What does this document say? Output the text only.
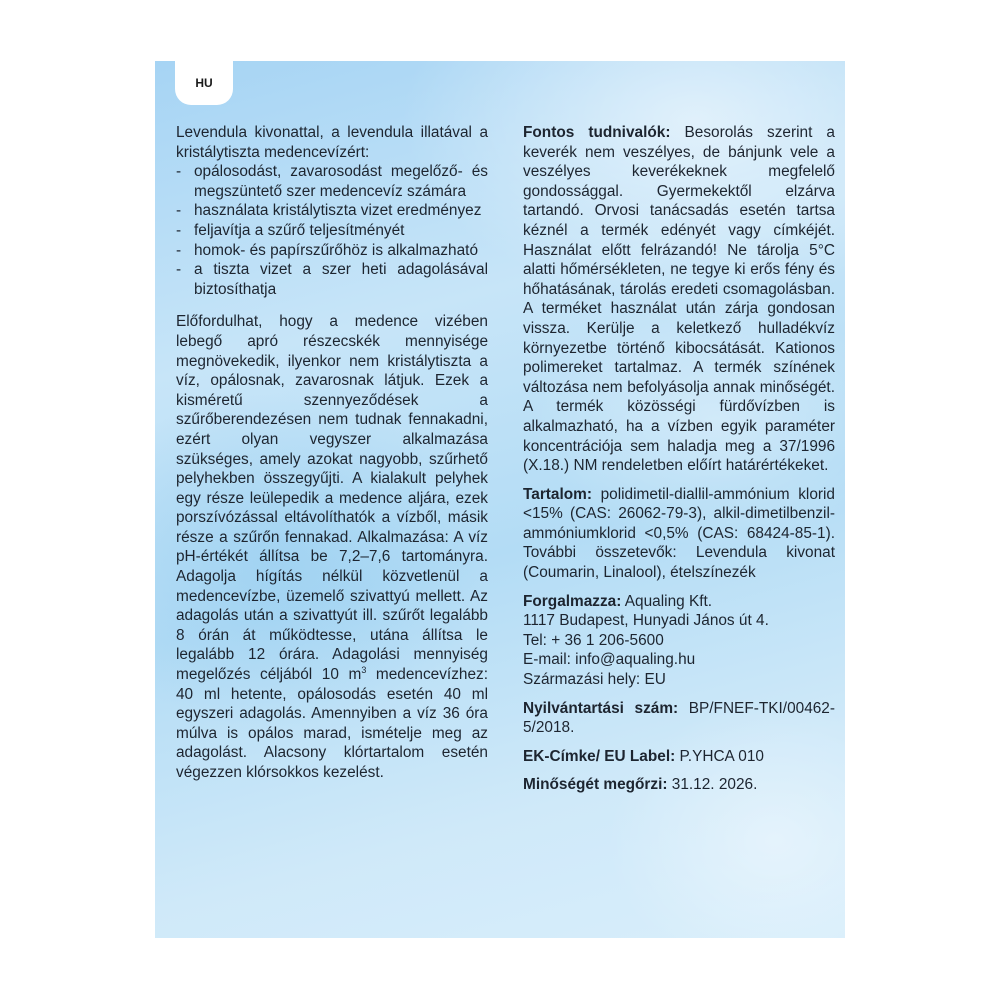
HU

Levendula kivonattal, a levendula illatával a kristálytiszta medencevízért:

- opálosodást, zavarosodást megelőző- és megszüntető szer medencevíz számára
- használata kristálytiszta vizet eredményez
- feljavítja a szűrő teljesítményét
- homok- és papírszűrőhöz is alkalmazható
- a tiszta vizet a szer heti adagolásával biztosíthatja

Előfordulhat, hogy a medence vizében lebegő apró részecskék mennyisége megnövekedik, ilyenkor nem kristálytiszta a víz, opálosnak, zavarosnak látjuk. Ezek a kisméretű szennyeződések a szűrőberendezésen nem tudnak fennakadni, ezért olyan vegyszer alkalmazása szükséges, amely azokat nagyobb, szűrhető pelyhekben összegyűjti. A kialakult pelyhek egy része leülepedik a medence aljára, ezek porszívózással eltávolíthatók a vízből, másik része a szűrőn fennakad. Alkalmazása: A víz pH-értékét állítsa be 7,2–7,6 tartományra. Adagolja hígítás nélkül közvetlenül a medencevízbe, üzemelő szivattyú mellett. Az adagolás után a szivattyút ill. szűrőt legalább 8 órán át működtesse, utána állítsa le legalább 12 órára. Adagolási mennyiség megelőzés céljából 10 $m^3$ medencevízhez: 40 ml hetente, opálosodás esetén 40 ml egyszeri adagolás. Amennyiben a víz 36 óra múlva is opálos marad, ismételje meg az adagolást. Alacsony klórtartalom esetén végezzen klórsokkos kezelést.

Fontos tudnivalók: Besorolás szerint a keverék nem veszélyes, de bánjunk vele a veszélyes keverékeknek megfelelő gondossággal. Gyermekektől elzárva tartandó. Orvosi tanácsadás esetén tartsa kéznél a termék edényét vagy címkéjét. Használat előtt felrázandó! Ne tárolja 5°C alatti hőmérsékleten, ne tegye ki erős fény és hőhatásának, tárolás eredeti csomagolásban. A terméket használat után zárja gondosan vissza. Kerülje a keletkező hulladékvíz környezetbe történő kibocsátását. Kationos polimereket tartalmaz. A termék színének változása nem befolyásolja annak minőségét. A termék közösségi fürdővízben is alkalmazható, ha a vízben egyik paraméter koncentrációja sem haladja meg a 37/1996 (X.18.) NM rendeletben előírt határértékeket.

Tartalom: polidimetil-diallil-ammónium klorid <15% (CAS: 26062-79-3), alkil-dimetilbenzil-ammóniumklorid <0,5% (CAS: 68424-85-1). További összetevők: Levendula kivonat (Coumarin, Linalool), ételszínezék

Forgalmazza: Aqualing Kft.

1117 Budapest, Hunyadi János út 4.

Tel: + 36 1 206-5600

E-mail: info@aqualing.hu

Származási hely: EU

Nyilvántartási szám: BP/FNEF-TKI/00462-5/2018.

EK-Címke/ EU Label: P.YHCA 010

Minőségét megőrzi: 31.12. 2026.
